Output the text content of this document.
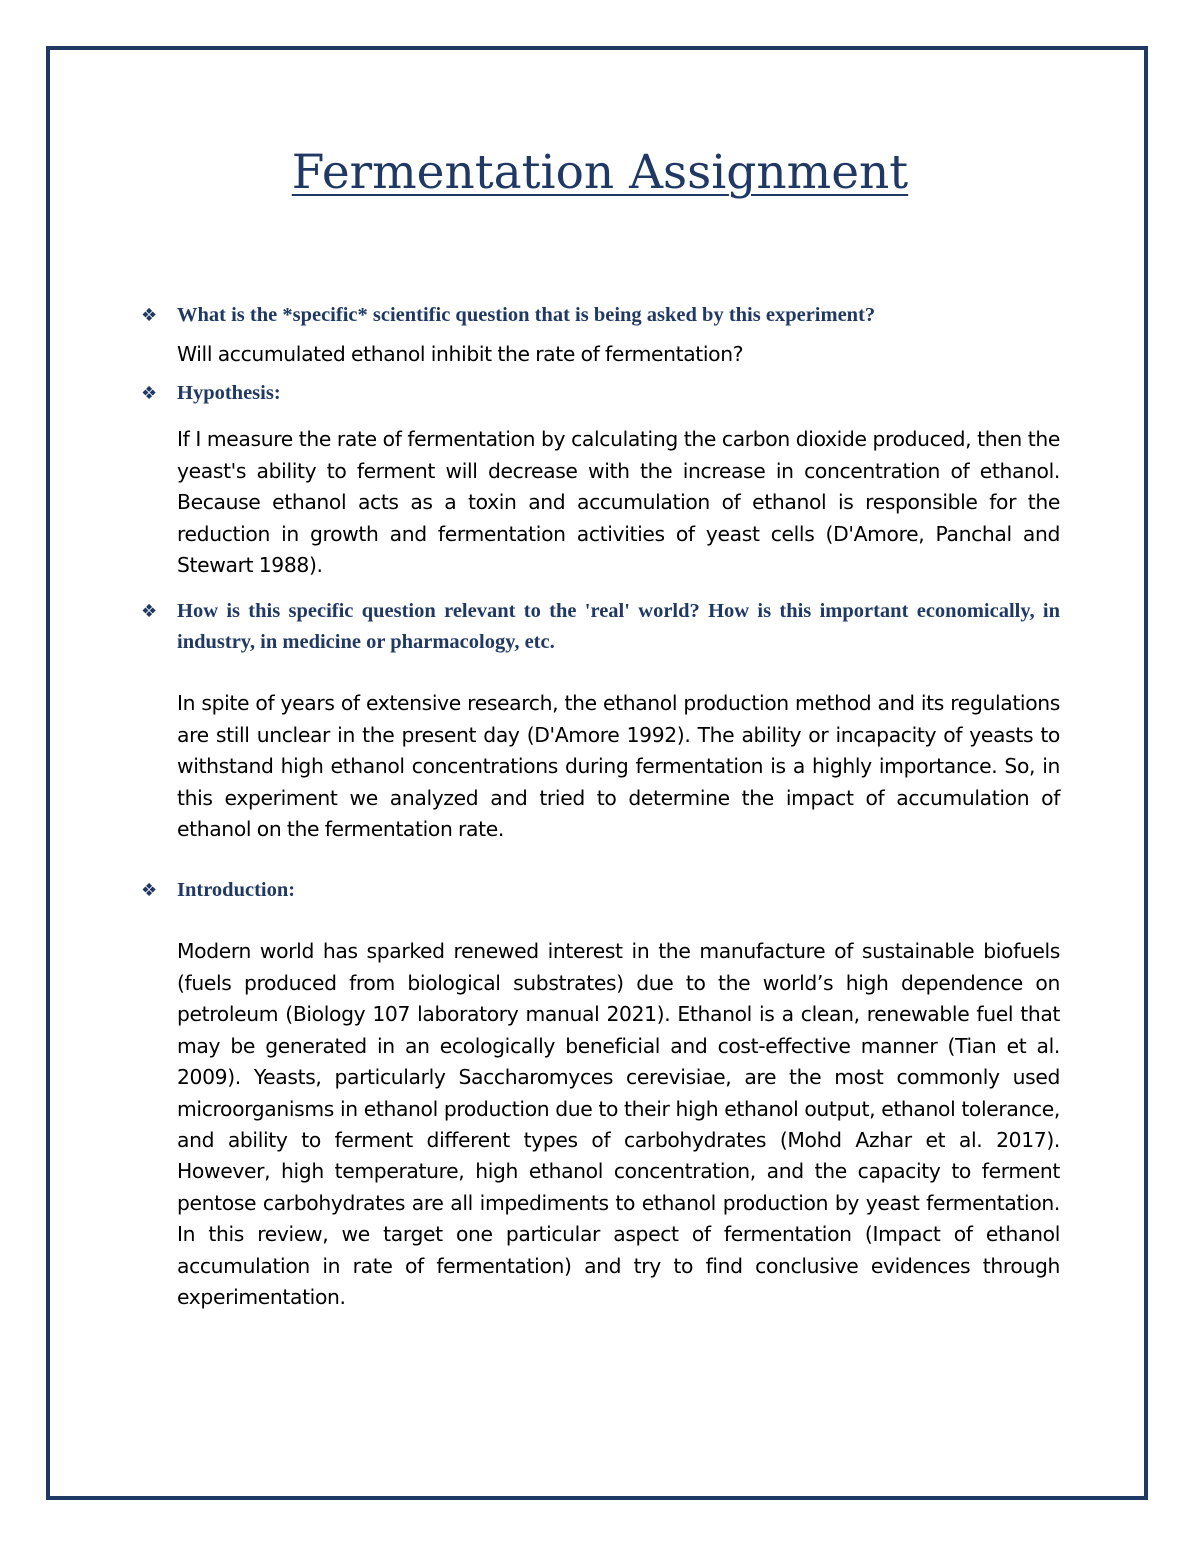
Fermentation Assignment
❖ What is the *specific* scientific question that is being asked by this experiment?

Will accumulated ethanol inhibit the rate of fermentation?

❖ Hypothesis:

If I measure the rate of fermentation by calculating the carbon dioxide produced, then the yeast's ability to ferment will decrease with the increase in concentration of ethanol. Because ethanol acts as a toxin and accumulation of ethanol is responsible for the reduction in growth and fermentation activities of yeast cells (D'Amore, Panchal and Stewart 1988).

❖ How is this specific question relevant to the 'real' world? How is this important economically, in industry, in medicine or pharmacology, etc.

In spite of years of extensive research, the ethanol production method and its regulations are still unclear in the present day (D'Amore 1992). The ability or incapacity of yeasts to withstand high ethanol concentrations during fermentation is a highly importance. So, in this experiment we analyzed and tried to determine the impact of accumulation of ethanol on the fermentation rate.

❖ Introduction:

Modern world has sparked renewed interest in the manufacture of sustainable biofuels (fuels produced from biological substrates) due to the world’s high dependence on petroleum (Biology 107 laboratory manual 2021). Ethanol is a clean, renewable fuel that may be generated in an ecologically beneficial and cost-effective manner (Tian et al. 2009). Yeasts, particularly Saccharomyces cerevisiae, are the most commonly used microorganisms in ethanol production due to their high ethanol output, ethanol tolerance, and ability to ferment different types of carbohydrates (Mohd Azhar et al. 2017). However, high temperature, high ethanol concentration, and the capacity to ferment pentose carbohydrates are all impediments to ethanol production by yeast fermentation. In this review, we target one particular aspect of fermentation (Impact of ethanol accumulation in rate of fermentation) and try to find conclusive evidences through experimentation.
